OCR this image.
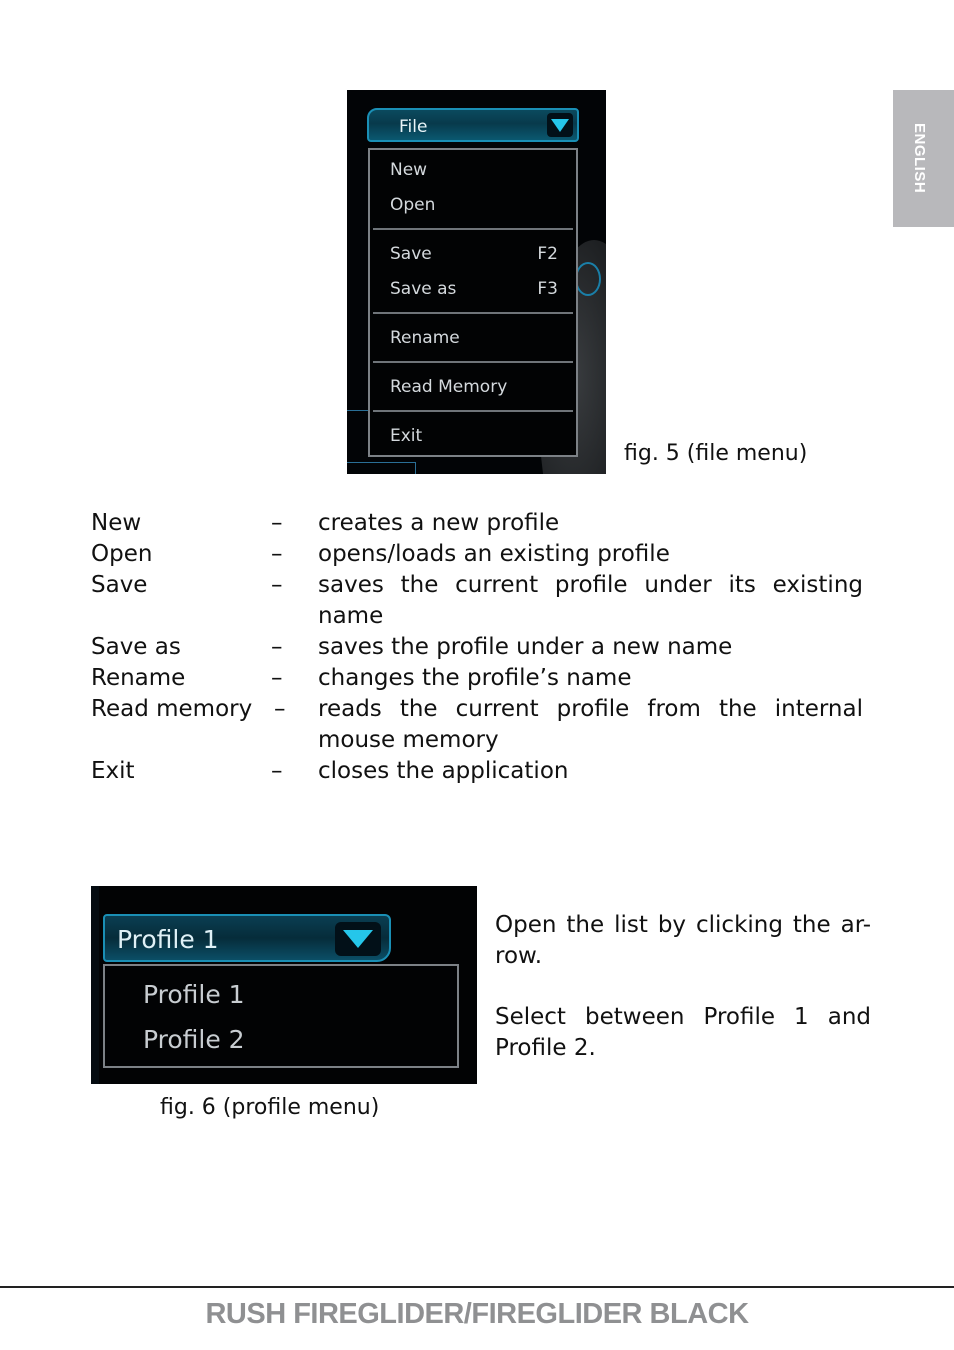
ENGLISH
File
New
Open
Save	F2
Save as	F3
Rename
Read Memory
Exit
fig. 5 (file menu)
New	– creates a new profile
Open	– opens/loads an existing profile
Save	– saves the current profile under its existing name
Save as	– saves the profile under a new name
Rename	– changes the profile’s name
Read memory – reads the current profile from the internal mouse memory
Exit	– closes the application
Profile 1
Profile 1
Profile 2
fig. 6 (profile menu)

Open the list by clicking the ar-
row.

Select between Profile 1 and
Profile 2.

RUSH FIREGLIDER/FIREGLIDER BLACK
